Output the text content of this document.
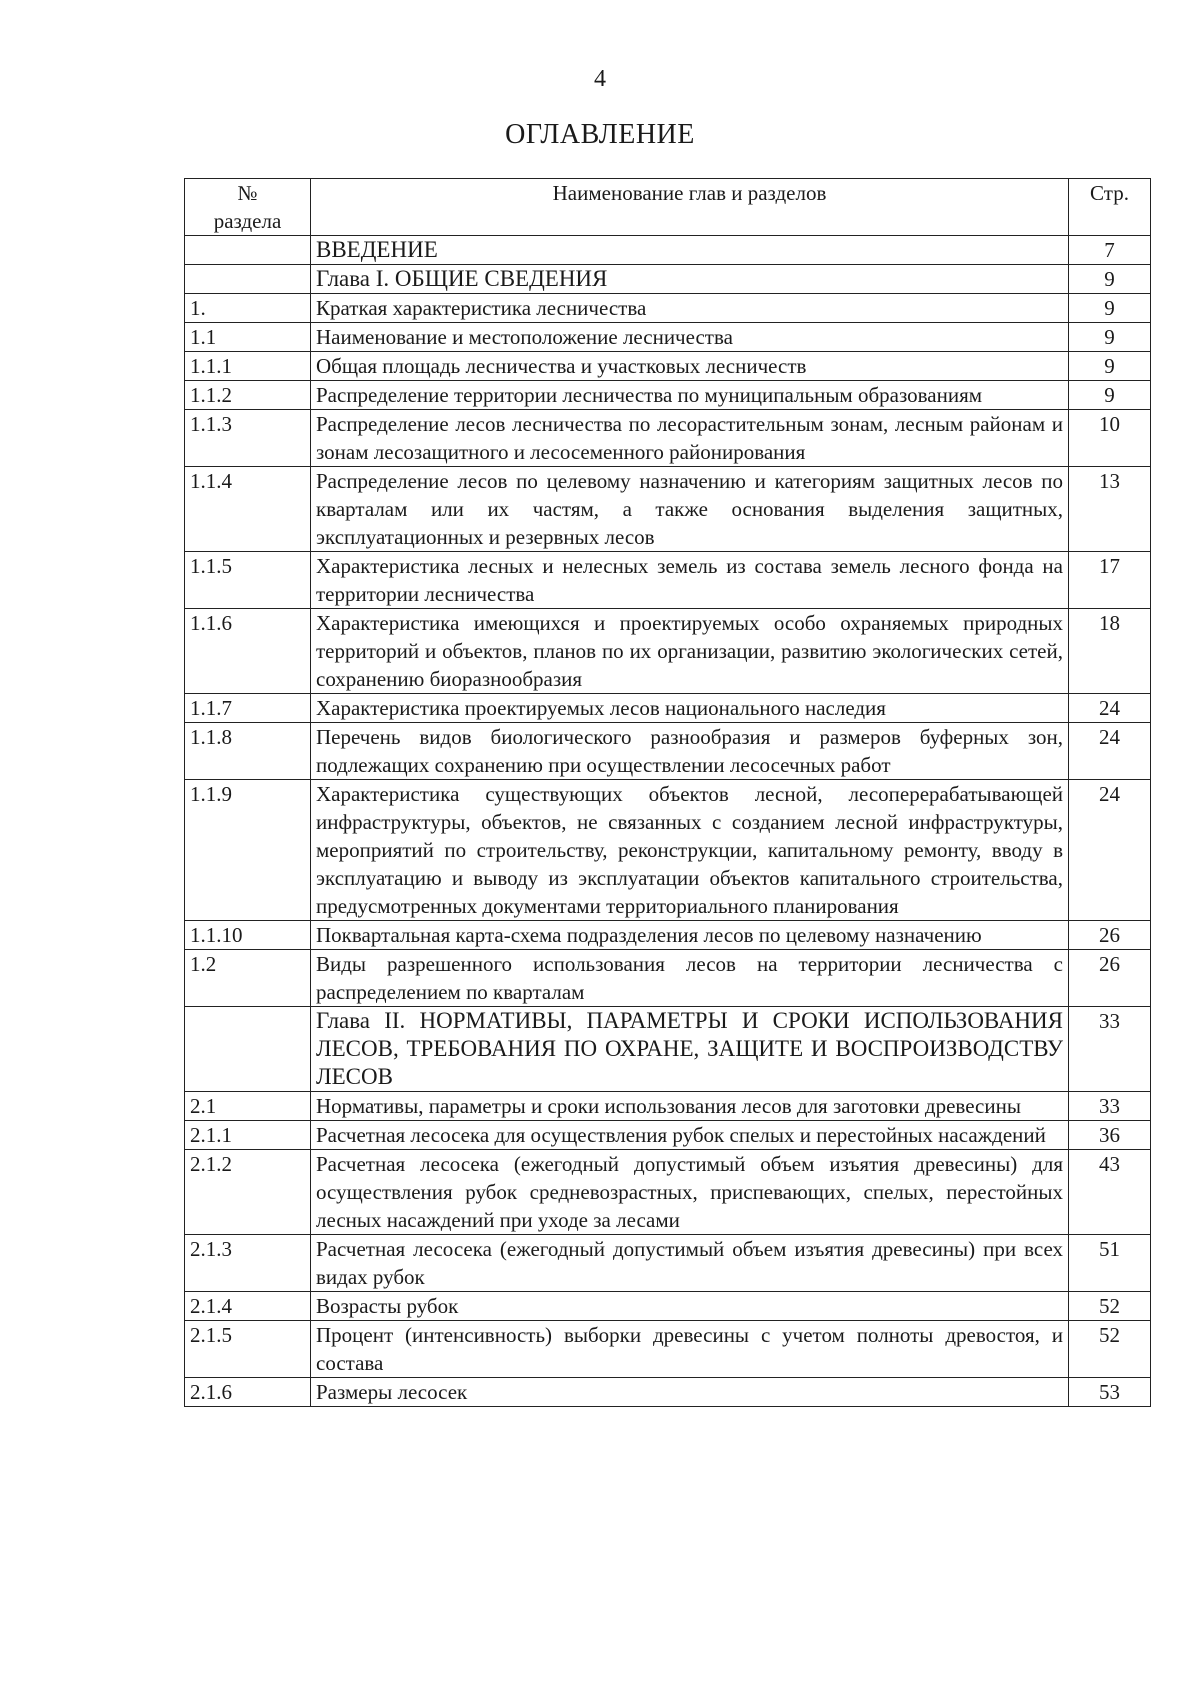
4
ОГЛАВЛЕНИЕ
№
раздела	Наименование глав и разделов	Стр.
	ВВЕДЕНИЕ	7
	Глава I. ОБЩИЕ СВЕДЕНИЯ	9
1.	Краткая характеристика лесничества	9
1.1	Наименование и местоположение лесничества	9
1.1.1	Общая площадь лесничества и участковых лесничеств	9
1.1.2	Распределение территории лесничества по муниципальным образованиям	9
1.1.3	Распределение лесов лесничества по лесорастительным зонам, лесным районам и зонам лесозащитного и лесосеменного районирования	10
1.1.4	Распределение лесов по целевому назначению и категориям защитных лесов по кварталам или их частям, а также основания выделения защитных, эксплуатационных и резервных лесов	13
1.1.5	Характеристика лесных и нелесных земель из состава земель лесного фонда на территории лесничества	17
1.1.6	Характеристика имеющихся и проектируемых особо охраняемых природных территорий и объектов, планов по их организации, развитию экологических сетей, сохранению биоразнообразия	18
1.1.7	Характеристика проектируемых лесов национального наследия	24
1.1.8	Перечень видов биологического разнообразия и размеров буферных зон, подлежащих сохранению при осуществлении лесосечных работ	24
1.1.9	Характеристика существующих объектов лесной, лесоперерабатывающей инфраструктуры, объектов, не связанных с созданием лесной инфраструктуры, мероприятий по строительству, реконструкции, капитальному ремонту, вводу в эксплуатацию и выводу из эксплуатации объектов капитального строительства, предусмотренных документами территориального планирования	24
1.1.10	Поквартальная карта-схема подразделения лесов по целевому назначению	26
1.2	Виды разрешенного использования лесов на территории лесничества с распределением по кварталам	26
	Глава II. НОРМАТИВЫ, ПАРАМЕТРЫ И СРОКИ ИСПОЛЬЗОВАНИЯ ЛЕСОВ, ТРЕБОВАНИЯ ПО ОХРАНЕ, ЗАЩИТЕ И ВОСПРОИЗВОДСТВУ ЛЕСОВ	33
2.1	Нормативы, параметры и сроки использования лесов для заготовки древесины	33
2.1.1	Расчетная лесосека для осуществления рубок спелых и перестойных насаждений	36
2.1.2	Расчетная лесосека (ежегодный допустимый объем изъятия древесины) для осуществления рубок средневозрастных, приспевающих, спелых, перестойных лесных насаждений при уходе за лесами	43
2.1.3	Расчетная лесосека (ежегодный допустимый объем изъятия древесины) при всех видах рубок	51
2.1.4	Возрасты рубок	52
2.1.5	Процент (интенсивность) выборки древесины с учетом полноты древостоя, и состава	52
2.1.6	Размеры лесосек	53
